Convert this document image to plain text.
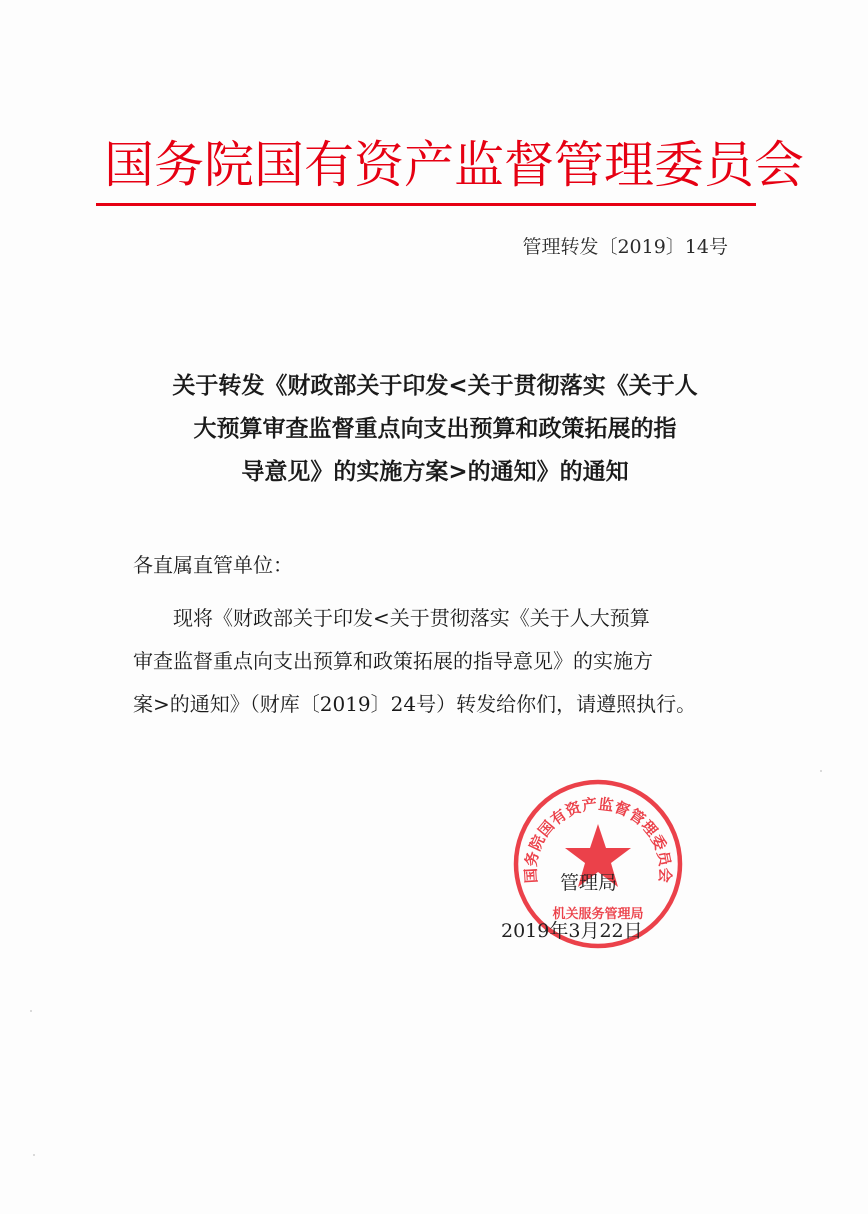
国务院国有资产监督管理委员会
管理转发〔2019〕14号
关于转发《财政部关于印发<关于贯彻落实《关于人
大预算审查监督重点向支出预算和政策拓展的指
导意见》的实施方案>的通知》的通知
各直属直管单位：
现将《财政部关于印发<关于贯彻落实《关于人大预算
审查监督重点向支出预算和政策拓展的指导意见》的实施方
案>的通知》（财库〔2019〕24号）转发给你们，请遵照执行。
国务院国有资产监督管理委员会
机关服务管理局
管理局
2019年3月22日
